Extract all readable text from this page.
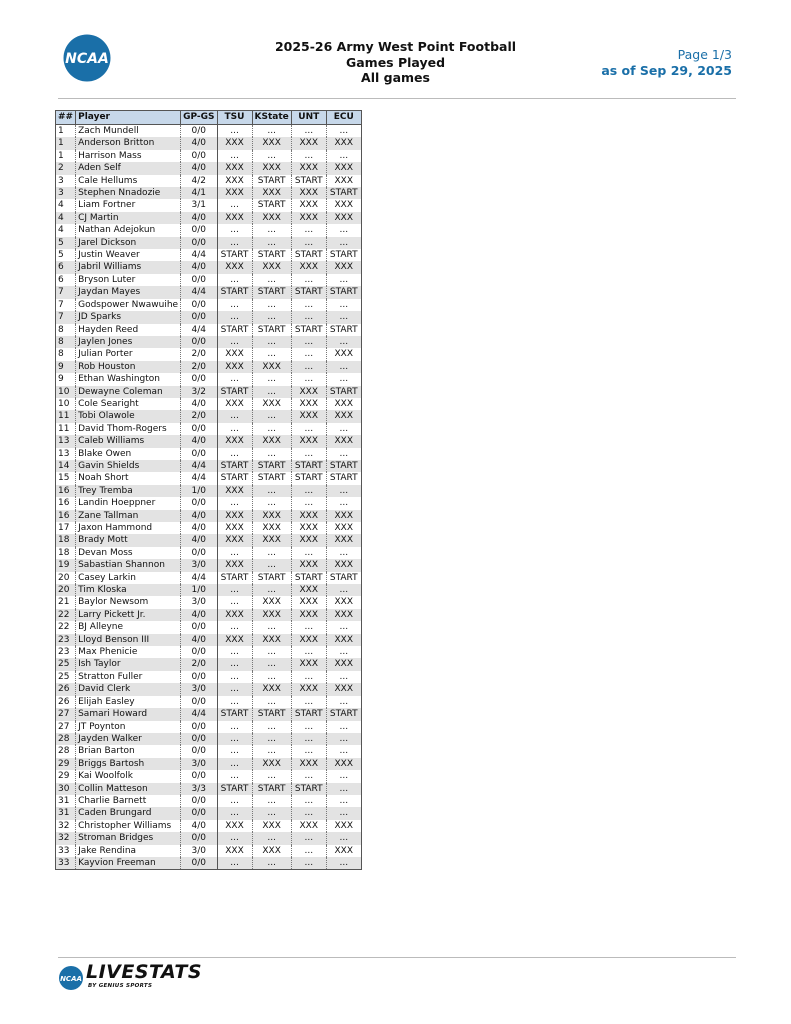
NCAA
2025-26 Army West Point Football
Games Played
All games
Page 1/3
as of Sep 29, 2025
##	Player	GP-GS	TSU	KState	UNT	ECU
1	Zach Mundell	0/0	...	...	...	...
1	Anderson Britton	4/0	XXX	XXX	XXX	XXX
1	Harrison Mass	0/0	...	...	...	...
2	Aden Self	4/0	XXX	XXX	XXX	XXX
3	Cale Hellums	4/2	XXX	START	START	XXX
3	Stephen Nnadozie	4/1	XXX	XXX	XXX	START
4	Liam Fortner	3/1	...	START	XXX	XXX
4	CJ Martin	4/0	XXX	XXX	XXX	XXX
4	Nathan Adejokun	0/0	...	...	...	...
5	Jarel Dickson	0/0	...	...	...	...
5	Justin Weaver	4/4	START	START	START	START
6	Jabril Williams	4/0	XXX	XXX	XXX	XXX
6	Bryson Luter	0/0	...	...	...	...
7	Jaydan Mayes	4/4	START	START	START	START
7	Godspower Nwawuihe	0/0	...	...	...	...
7	JD Sparks	0/0	...	...	...	...
8	Hayden Reed	4/4	START	START	START	START
8	Jaylen Jones	0/0	...	...	...	...
8	Julian Porter	2/0	XXX	...	...	XXX
9	Rob Houston	2/0	XXX	XXX	...	...
9	Ethan Washington	0/0	...	...	...	...
10	Dewayne Coleman	3/2	START	...	XXX	START
10	Cole Searight	4/0	XXX	XXX	XXX	XXX
11	Tobi Olawole	2/0	...	...	XXX	XXX
11	David Thom-Rogers	0/0	...	...	...	...
13	Caleb Williams	4/0	XXX	XXX	XXX	XXX
13	Blake Owen	0/0	...	...	...	...
14	Gavin Shields	4/4	START	START	START	START
15	Noah Short	4/4	START	START	START	START
16	Trey Tremba	1/0	XXX	...	...	...
16	Landin Hoeppner	0/0	...	...	...	...
16	Zane Tallman	4/0	XXX	XXX	XXX	XXX
17	Jaxon Hammond	4/0	XXX	XXX	XXX	XXX
18	Brady Mott	4/0	XXX	XXX	XXX	XXX
18	Devan Moss	0/0	...	...	...	...
19	Sabastian Shannon	3/0	XXX	...	XXX	XXX
20	Casey Larkin	4/4	START	START	START	START
20	Tim Kloska	1/0	...	...	XXX	...
21	Baylor Newsom	3/0	...	XXX	XXX	XXX
22	Larry Pickett Jr.	4/0	XXX	XXX	XXX	XXX
22	BJ Alleyne	0/0	...	...	...	...
23	Lloyd Benson III	4/0	XXX	XXX	XXX	XXX
23	Max Phenicie	0/0	...	...	...	...
25	Ish Taylor	2/0	...	...	XXX	XXX
25	Stratton Fuller	0/0	...	...	...	...
26	David Clerk	3/0	...	XXX	XXX	XXX
26	Elijah Easley	0/0	...	...	...	...
27	Samari Howard	4/4	START	START	START	START
27	JT Poynton	0/0	...	...	...	...
28	Jayden Walker	0/0	...	...	...	...
28	Brian Barton	0/0	...	...	...	...
29	Briggs Bartosh	3/0	...	XXX	XXX	XXX
29	Kai Woolfolk	0/0	...	...	...	...
30	Collin Matteson	3/3	START	START	START	...
31	Charlie Barnett	0/0	...	...	...	...
31	Caden Brungard	0/0	...	...	...	...
32	Christopher Williams	4/0	XXX	XXX	XXX	XXX
32	Stroman Bridges	0/0	...	...	...	...
33	Jake Rendina	3/0	XXX	XXX	...	XXX
33	Kayvion Freeman	0/0	...	...	...	...
NCAA LIVESTATS
BY GENIUS SPORTS
